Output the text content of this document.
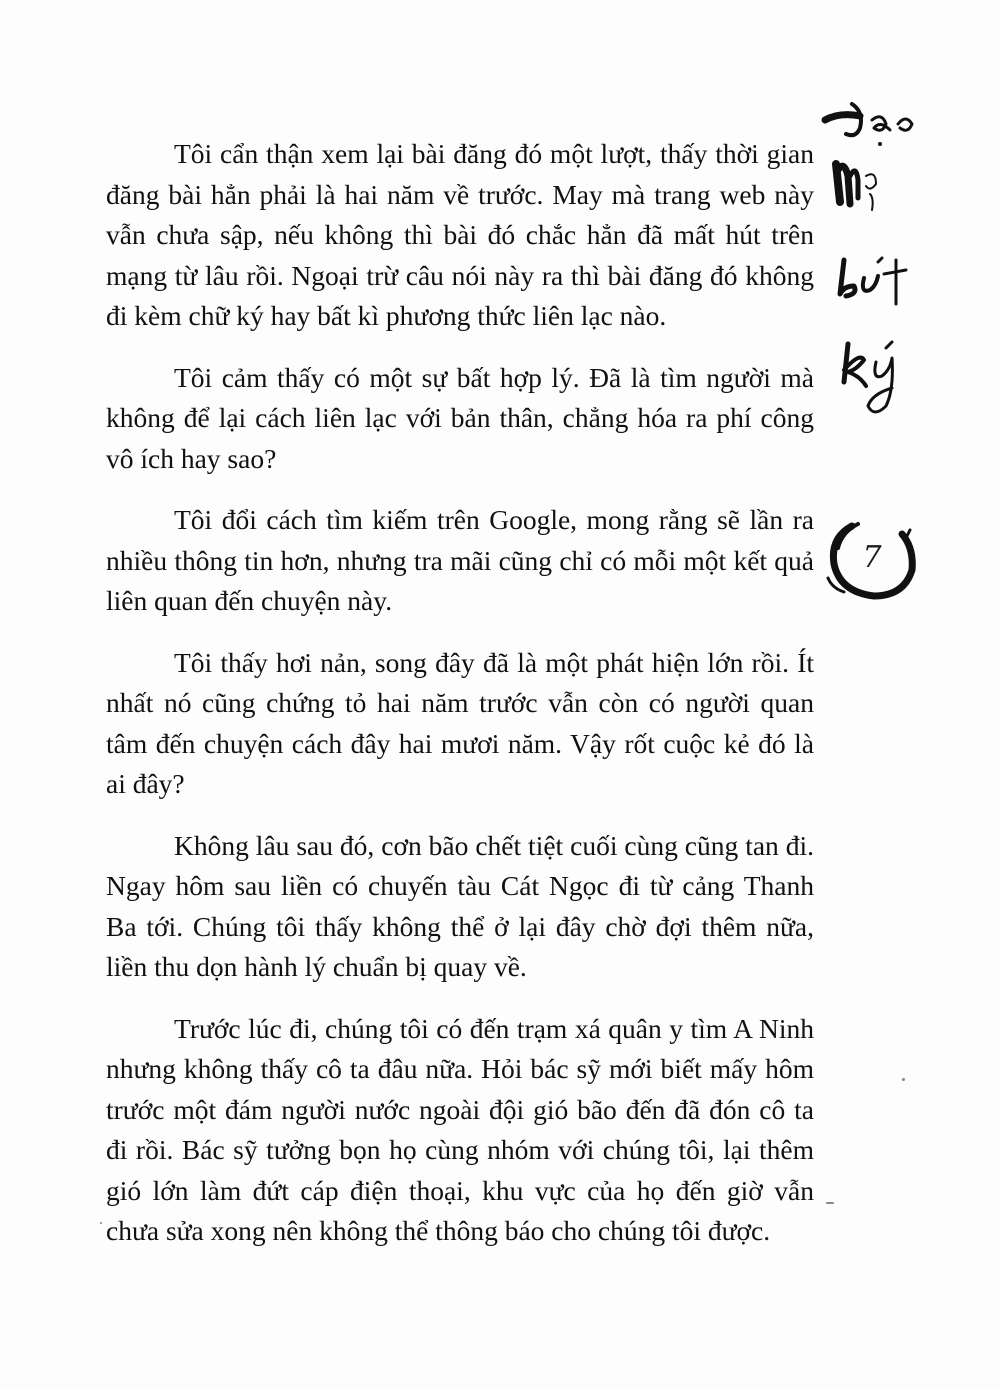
Tôi cẩn thận xem lại bài đăng đó một lượt, thấy thời gian đăng bài hẳn phải là hai năm về trước. May mà trang web này vẫn chưa sập, nếu không thì bài đó chắc hẳn đã mất hút trên mạng từ lâu rồi. Ngoại trừ câu nói này ra thì bài đăng đó không đi kèm chữ ký hay bất kì phương thức liên lạc nào.

Tôi cảm thấy có một sự bất hợp lý. Đã là tìm người mà không để lại cách liên lạc với bản thân, chẳng hóa ra phí công vô ích hay sao?

Tôi đổi cách tìm kiếm trên Google, mong rằng sẽ lần ra nhiều thông tin hơn, nhưng tra mãi cũng chỉ có mỗi một kết quả liên quan đến chuyện này.

Tôi thấy hơi nản, song đây đã là một phát hiện lớn rồi. Ít nhất nó cũng chứng tỏ hai năm trước vẫn còn có người quan tâm đến chuyện cách đây hai mươi năm. Vậy rốt cuộc kẻ đó là ai đây?

Không lâu sau đó, cơn bão chết tiệt cuối cùng cũng tan đi. Ngay hôm sau liền có chuyến tàu Cát Ngọc đi từ cảng Thanh Ba tới. Chúng tôi thấy không thể ở lại đây chờ đợi thêm nữa, liền thu dọn hành lý chuẩn bị quay về.

Trước lúc đi, chúng tôi có đến trạm xá quân y tìm A Ninh nhưng không thấy cô ta đâu nữa. Hỏi bác sỹ mới biết mấy hôm trước một đám người nước ngoài đội gió bão đến đã đón cô ta đi rồi. Bác sỹ tưởng bọn họ cùng nhóm với chúng tôi, lại thêm gió lớn làm đứt cáp điện thoại, khu vực của họ đến giờ vẫn chưa sửa xong nên không thể thông báo cho chúng tôi được.

7
